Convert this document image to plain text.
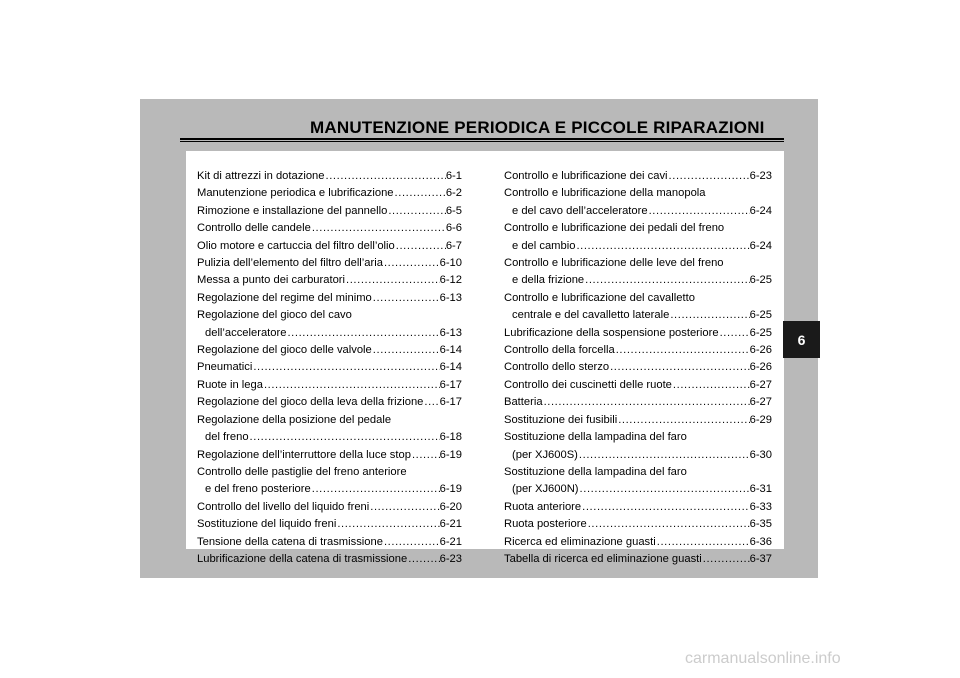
MANUTENZIONE PERIODICA E PICCOLE RIPARAZIONI
Kit di attrezzi in dotazione .....	6-1
Manutenzione periodica e lubrificazione .....	6-2
Rimozione e installazione del pannello .....	6-5
Controllo delle candele .....	6-6
Olio motore e cartuccia del filtro dell’olio .....	6-7
Pulizia dell’elemento del filtro dell’aria .....	6-10
Messa a punto dei carburatori .....	6-12
Regolazione del regime del minimo .....	6-13
Regolazione del gioco del cavo
dell’acceleratore .....	6-13
Regolazione del gioco delle valvole .....	6-14
Pneumatici .....	6-14
Ruote in lega .....	6-17
Regolazione del gioco della leva della frizione ..... 6-17
Regolazione della posizione del pedale
del freno .....	6-18
Regolazione dell’interruttore della luce stop .....	6-19
Controllo delle pastiglie del freno anteriore
e del freno posteriore .....	6-19
Controllo del livello del liquido freni .....	6-20
Sostituzione del liquido freni .....	6-21
Tensione della catena di trasmissione .....	6-21
Lubrificazione della catena di trasmissione .....	6-23
Controllo e lubrificazione dei cavi .....	6-23
Controllo e lubrificazione della manopola
e del cavo dell’acceleratore .....	6-24
Controllo e lubrificazione dei pedali del freno
e del cambio .....	6-24
Controllo e lubrificazione delle leve del freno
e della frizione .....	6-25
Controllo e lubrificazione del cavalletto
centrale e del cavalletto laterale .....	6-25
Lubrificazione della sospensione posteriore .....	6-25
Controllo della forcella .....	6-26
Controllo dello sterzo .....	6-26
Controllo dei cuscinetti delle ruote .....	6-27
Batteria .....	6-27
Sostituzione dei fusibili .....	6-29
Sostituzione della lampadina del faro
(per XJ600S) .....	6-30
Sostituzione della lampadina del faro
(per XJ600N) .....	6-31
Ruota anteriore .....	6-33
Ruota posteriore .....	6-35
Ricerca ed eliminazione guasti .....	6-36
Tabella di ricerca ed eliminazione guasti .....	6-37
6
carmanualsonline.info
